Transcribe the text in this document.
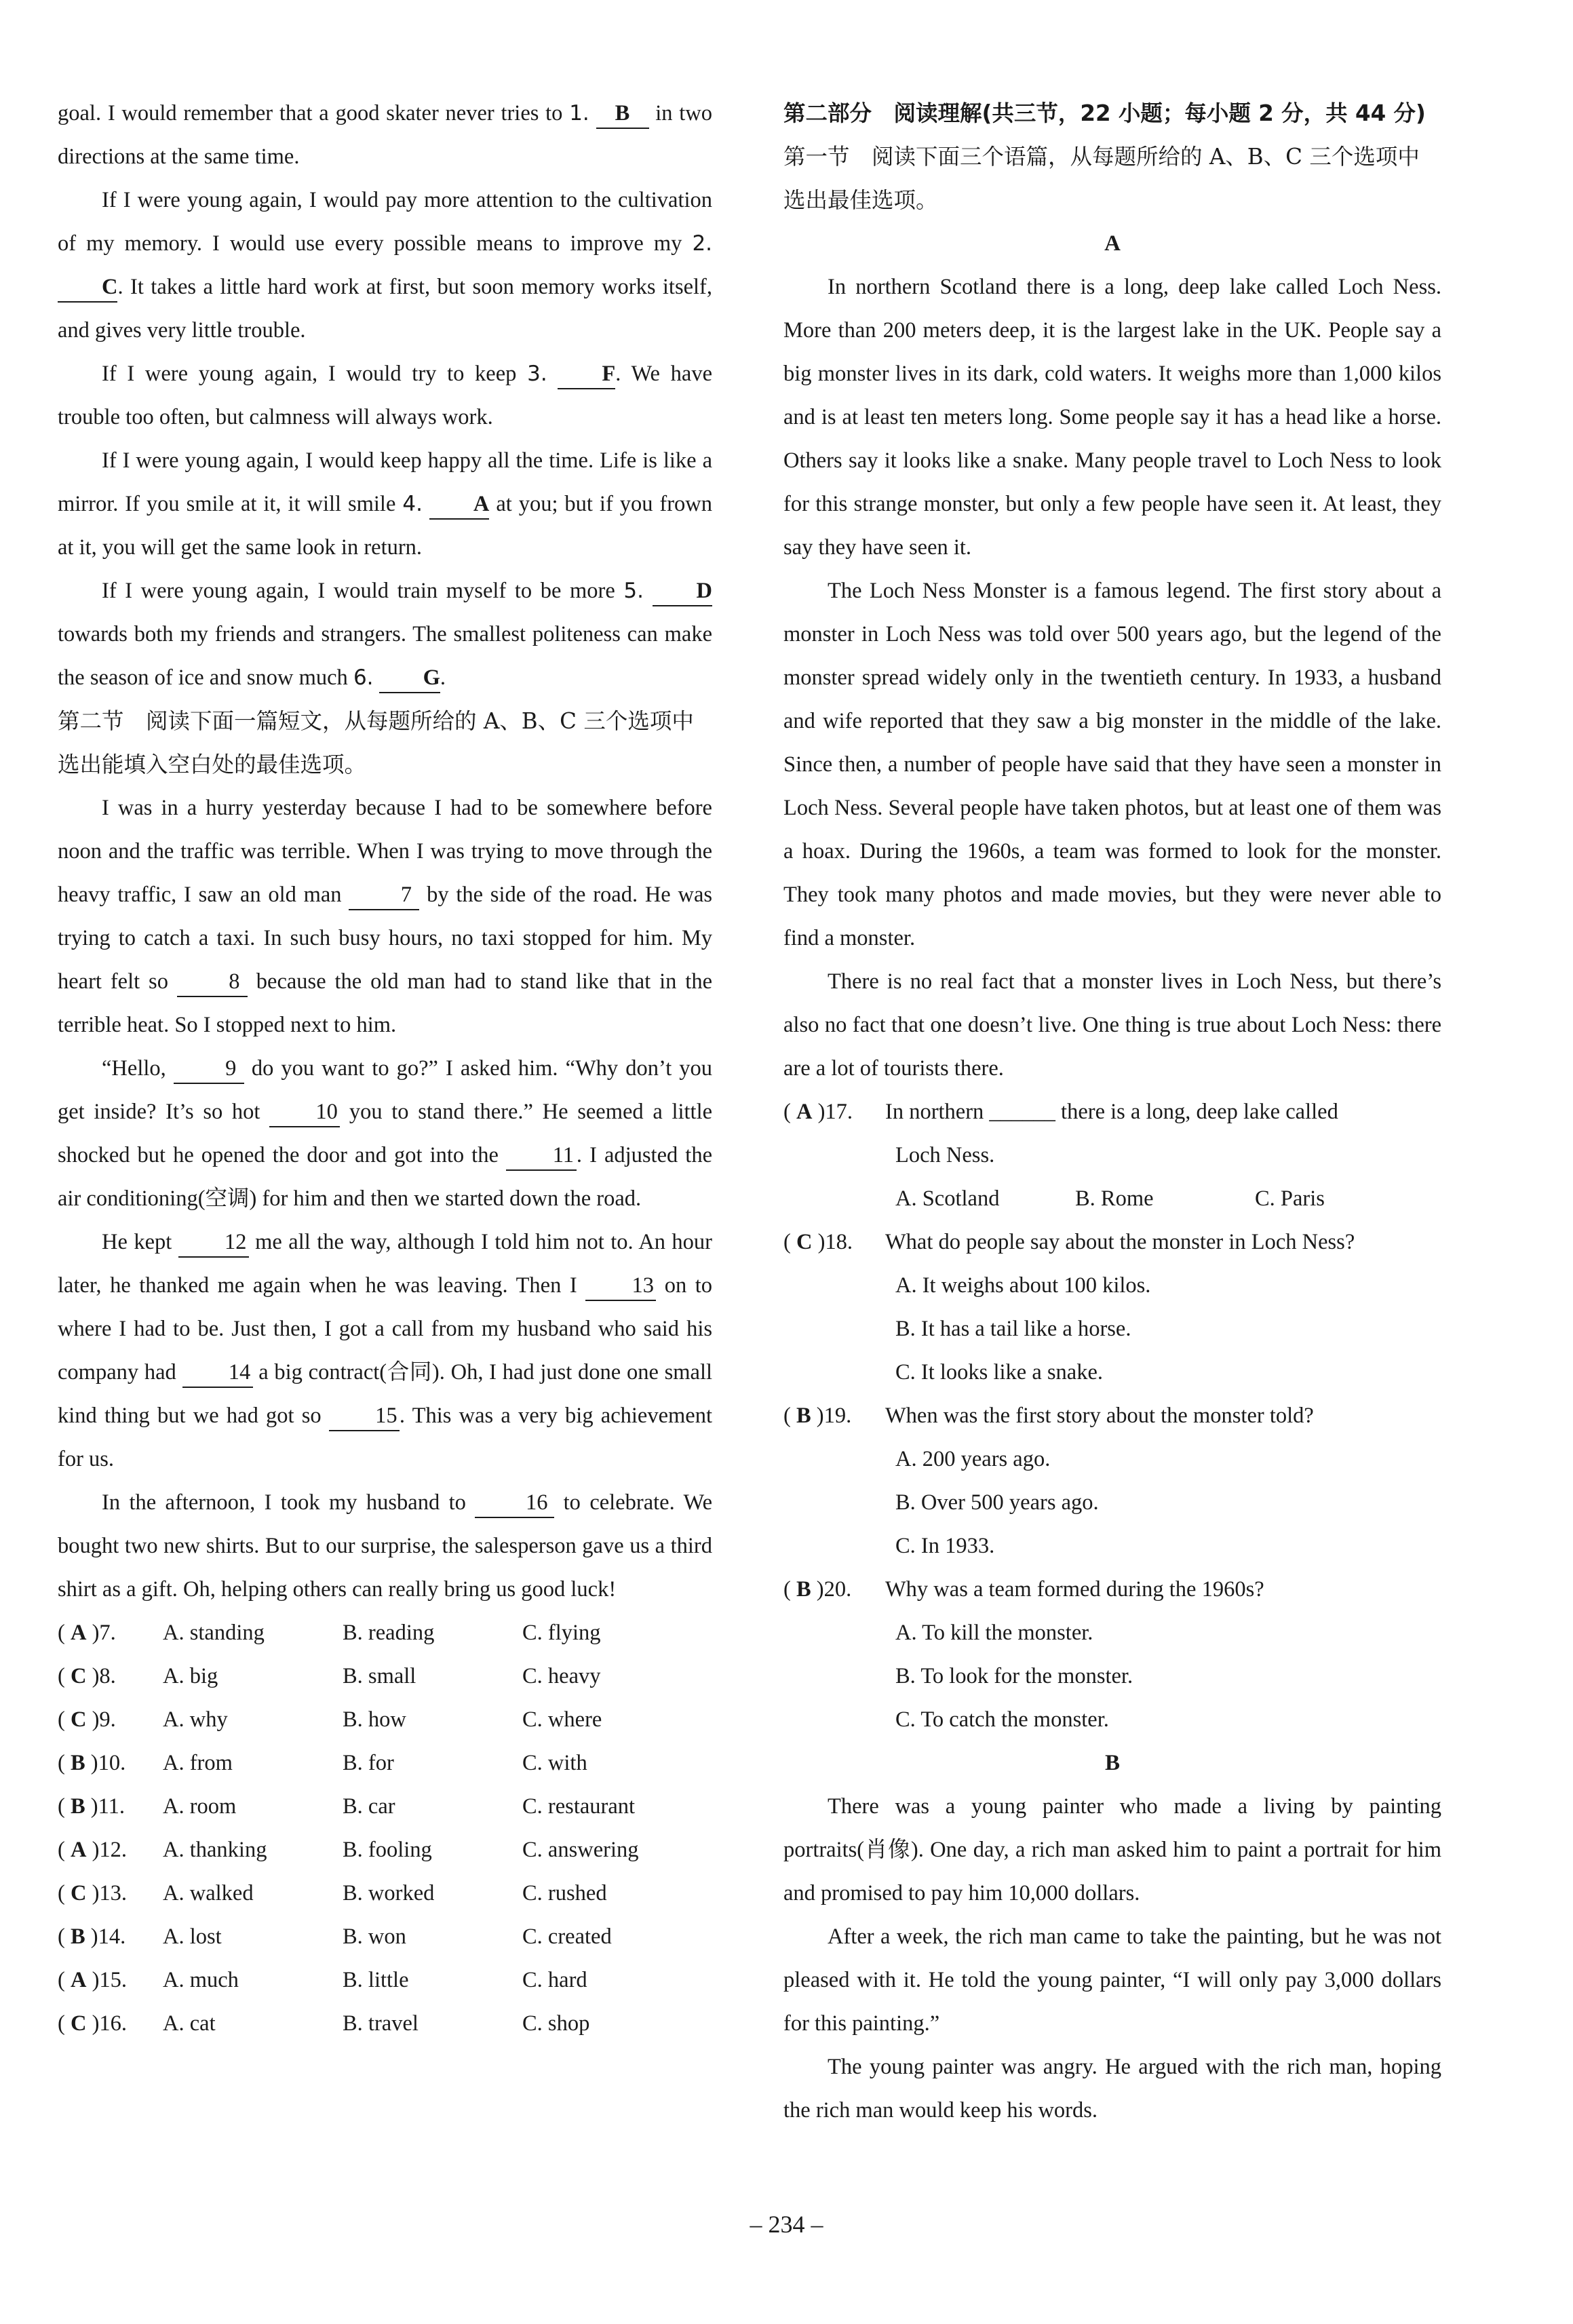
goal. I would remember that a good skater never tries to 1. B in two directions at the same time.

If I were young again, I would pay more attention to the cultivation of my memory. I would use every possible means to improve my 2. C. It takes a little hard work at first, but soon memory works itself, and gives very little trouble.

If I were young again, I would try to keep 3. F. We have trouble too often, but calmness will always work.

If I were young again, I would keep happy all the time. Life is like a mirror. If you smile at it, it will smile 4. A at you; but if you frown at it, you will get the same look in return.

If I were young again, I would train myself to be more 5. D towards both my friends and strangers. The smallest politeness can make the season of ice and snow much 6. G.

第二节　阅读下面一篇短文，从每题所给的 A、B、C 三个选项中选出能填入空白处的最佳选项。

I was in a hurry yesterday because I had to be somewhere before noon and the traffic was terrible. When I was trying to move through the heavy traffic, I saw an old man	7 by the side of the road. He was trying to catch a taxi. In such busy hours, no taxi stopped for him. My heart felt so	8 because the old man had to stand like that in the terrible heat. So I stopped next to him.

“Hello,	9 do you want to go?” I asked him. “Why don’t you get inside? It’s so hot	10 you to stand there.” He seemed a little shocked but he opened the door and got into the 11 . I adjusted the air conditioning(空调) for him and then we started down the road.

He kept 12 me all the way, although I told him not to. An hour later, he thanked me again when he was leaving. Then I 13 on to where I had to be. Just then, I got a call from my husband who said his company had 14 a big contract(合同). Oh, I had just done one small kind thing but we had got so 15 . This was a very big achievement for us.

In the afternoon, I took my husband to	16 to celebrate. We bought two new shirts. But to our surprise, the salesperson gave us a third shirt as a gift. Oh, helping others can really bring us good luck!

( A )7.	A. standing	B. reading	C. flying
( C )8.	A. big	B. small	C. heavy
( C )9.	A. why	B. how	C. where
( B )10.	A. from	B. for	C. with
( B )11.	A. room	B. car	C. restaurant
( A )12.	A. thanking	B. fooling	C. answering
( C )13.	A. walked	B. worked	C. rushed
( B )14.	A. lost	B. won	C. created
( A )15.	A. much	B. little	C. hard
( C )16.	A. cat	B. travel	C. shop

第二部分　阅读理解(共三节，22 小题；每小题 2 分，共 44 分)

第一节　阅读下面三个语篇，从每题所给的 A、B、C 三个选项中选出最佳选项。

A

In northern Scotland there is a long, deep lake called Loch Ness. More than 200 meters deep, it is the largest lake in the UK. People say a big monster lives in its dark, cold waters. It weighs more than 1,000 kilos and is at least ten meters long. Some people say it has a head like a horse. Others say it looks like a snake. Many people travel to Loch Ness to look for this strange monster, but only a few people have seen it. At least, they say they have seen it.

The Loch Ness Monster is a famous legend. The first story about a monster in Loch Ness was told over 500 years ago, but the legend of the monster spread widely only in the twentieth century. In 1933, a husband and wife reported that they saw a big monster in the middle of the lake. Since then, a number of people have said that they have seen a monster in Loch Ness. Several people have taken photos, but at least one of them was a hoax. During the 1960s, a team was formed to look for the monster. They took many photos and made movies, but they were never able to find a monster.

There is no real fact that a monster lives in Loch Ness, but there’s also no fact that one doesn’t live. One thing is true about Loch Ness: there are a lot of tourists there.

( A )17.	In northern ______ there is a long, deep lake called
Loch Ness.
A. Scotland	B. Rome	C. Paris
( C )18.	What do people say about the monster in Loch Ness?
A. It weighs about 100 kilos.
B. It has a tail like a horse.
C. It looks like a snake.
( B )19.	When was the first story about the monster told?
A. 200 years ago.
B. Over 500 years ago.
C. In 1933.
( B )20.	Why was a team formed during the 1960s?
A. To kill the monster.
B. To look for the monster.
C. To catch the monster.

B

There was a young painter who made a living by painting portraits(肖像). One day, a rich man asked him to paint a portrait for him and promised to pay him 10,000 dollars.

After a week, the rich man came to take the painting, but he was not pleased with it. He told the young painter, “I will only pay 3,000 dollars for this painting.”

The young painter was angry. He argued with the rich man, hoping the rich man would keep his words.

– 234 –
